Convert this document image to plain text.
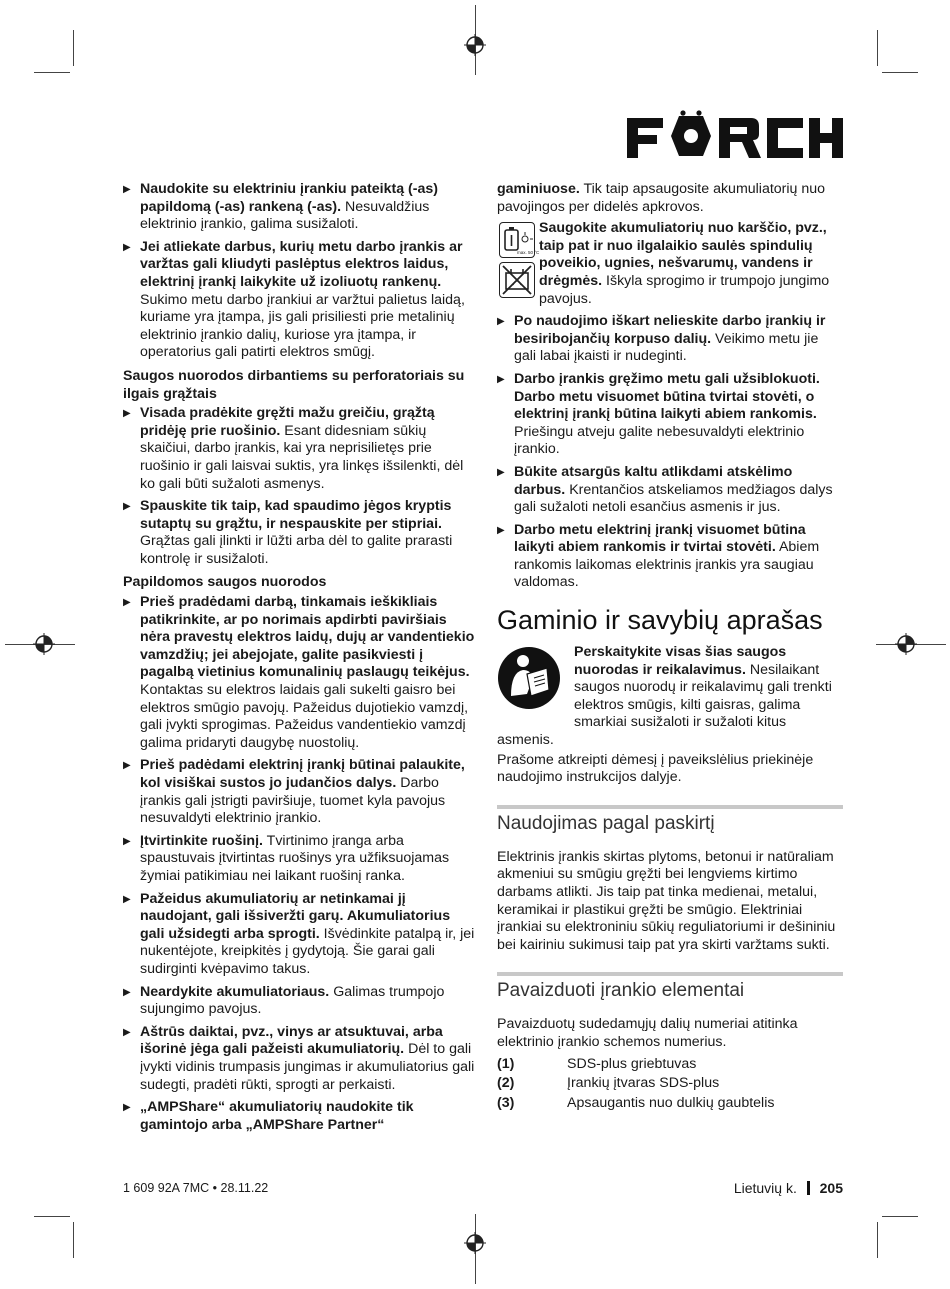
▶ Naudokite su elektriniu įrankiu pateiktą (-as) papildomą (-as) rankeną (-as). Nesuvaldžius elektrinio įrankio, galima susižaloti.

▶ Jei atliekate darbus, kurių metu darbo įrankis ar varžtas gali kliudyti paslėptus elektros laidus, elektrinį įrankį laikykite už izoliuotų rankenų. Sukimo metu darbo įrankiui ar varžtui palietus laidą, kuriame yra įtampa, jis gali prisiliesti prie metalinių elektrinio įrankio dalių, kuriose yra įtampa, ir operatorius gali patirti elektros smūgį.

Saugos nuorodos dirbantiems su perforatoriais su ilgais grąžtais

▶ Visada pradėkite gręžti mažu greičiu, grąžtą pridėję prie ruošinio. Esant didesniam sūkių skaičiui, darbo įrankis, kai yra neprisilietęs prie ruošinio ir gali laisvai suktis, yra linkęs išsilenkti, dėl ko gali būti sužaloti asmenys.

▶ Spauskite tik taip, kad spaudimo jėgos kryptis sutaptų su grąžtu, ir nespauskite per stipriai. Grąžtas gali įlinkti ir lūžti arba dėl to galite prarasti kontrolę ir susižaloti.

Papildomos saugos nuorodos

▶ Prieš pradėdami darbą, tinkamais ieškikliais patikrinkite, ar po norimais apdirbti paviršiais nėra pravestų elektros laidų, dujų ar vandentiekio vamzdžių; jei abejojate, galite pasikviesti į pagalbą vietinius komunalinių paslaugų teikėjus. Kontaktas su elektros laidais gali sukelti gaisro bei elektros smūgio pavojų. Pažeidus dujotiekio vamzdį, gali įvykti sprogimas. Pažeidus vandentiekio vamzdį galima pridaryti daugybę nuostolių.

▶ Prieš padėdami elektrinį įrankį būtinai palaukite, kol visiškai sustos jo judančios dalys. Darbo įrankis gali įstrigti paviršiuje, tuomet kyla pavojus nesuvaldyti elektrinio įrankio.

▶ Įtvirtinkite ruošinį. Tvirtinimo įranga arba spaustuvais įtvirtintas ruošinys yra užfiksuojamas žymiai patikimiau nei laikant ruošinį ranka.

▶ Pažeidus akumuliatorių ar netinkamai jį naudojant, gali išsiveržti garų. Akumuliatorius gali užsidegti arba sprogti. Išvėdinkite patalpą ir, jei nukentėjote, kreipkitės į gydytoją. Šie garai gali sudirginti kvėpavimo takus.

▶ Neardykite akumuliatoriaus. Galimas trumpojo sujungimo pavojus.

▶ Aštrūs daiktai, pvz., vinys ar atsuktuvai, arba išorinė jėga gali pažeisti akumuliatorių. Dėl to gali įvykti vidinis trumpasis jungimas ir akumuliatorius gali sudegti, pradėti rūkti, sprogti ar perkaisti.

▶ „AMPShare“ akumuliatorių naudokite tik gamintojo arba „AMPShare Partner“

gaminiuose. Tik taip apsaugosite akumuliatorių nuo pavojingos per didelės apkrovos.

max. 50 °C

Saugokite akumuliatorių nuo karščio, pvz., taip pat ir nuo ilgalaikio saulės spindulių poveikio, ugnies, nešvarumų, vandens ir drėgmės. Iškyla sprogimo ir trumpojo jungimo pavojus.

▶ Po naudojimo iškart nelieskite darbo įrankių ir besiribojančių korpuso dalių. Veikimo metu jie gali labai įkaisti ir nudeginti.

▶ Darbo įrankis gręžimo metu gali užsiblokuoti. Darbo metu visuomet būtina tvirtai stovėti, o elektrinį įrankį būtina laikyti abiem rankomis. Priešingu atveju galite nebesuvaldyti elektrinio įrankio.

▶ Būkite atsargūs kaltu atlikdami atskėlimo darbus. Krentančios atskeliamos medžiagos dalys gali sužaloti netoli esančius asmenis ir jus.

▶ Darbo metu elektrinį įrankį visuomet būtina laikyti abiem rankomis ir tvirtai stovėti. Abiem rankomis laikomas elektrinis įrankis yra saugiau valdomas.

Gaminio ir savybių aprašas

Perskaitykite visas šias saugos nuorodas ir reikalavimus. Nesilaikant saugos nuorodų ir reikalavimų gali trenkti elektros smūgis, kilti gaisras, galima smarkiai susižaloti ir sužaloti kitus

asmenis.

Prašome atkreipti dėmesį į paveikslėlius priekinėje naudojimo instrukcijos dalyje.

Naudojimas pagal paskirtį

Elektrinis įrankis skirtas plytoms, betonui ir natūraliam akmeniui su smūgiu gręžti bei lengviems kirtimo darbams atlikti. Jis taip pat tinka medienai, metalui, keramikai ir plastikui gręžti be smūgio. Elektriniai įrankiai su elektroniniu sūkių reguliatoriumi ir dešininiu bei kairiniu sukimusi taip pat yra skirti varžtams sukti.

Pavaizduoti įrankio elementai

Pavaizduotų sudedamųjų dalių numeriai atitinka elektrinio įrankio schemos numerius.

(1)	SDS-plus griebtuvas
(2)	Įrankių įtvaras SDS-plus
(3)	Apsaugantis nuo dulkių gaubtelis
1 609 92A 7MC • 28.11.22	Lietuvių k. 205
